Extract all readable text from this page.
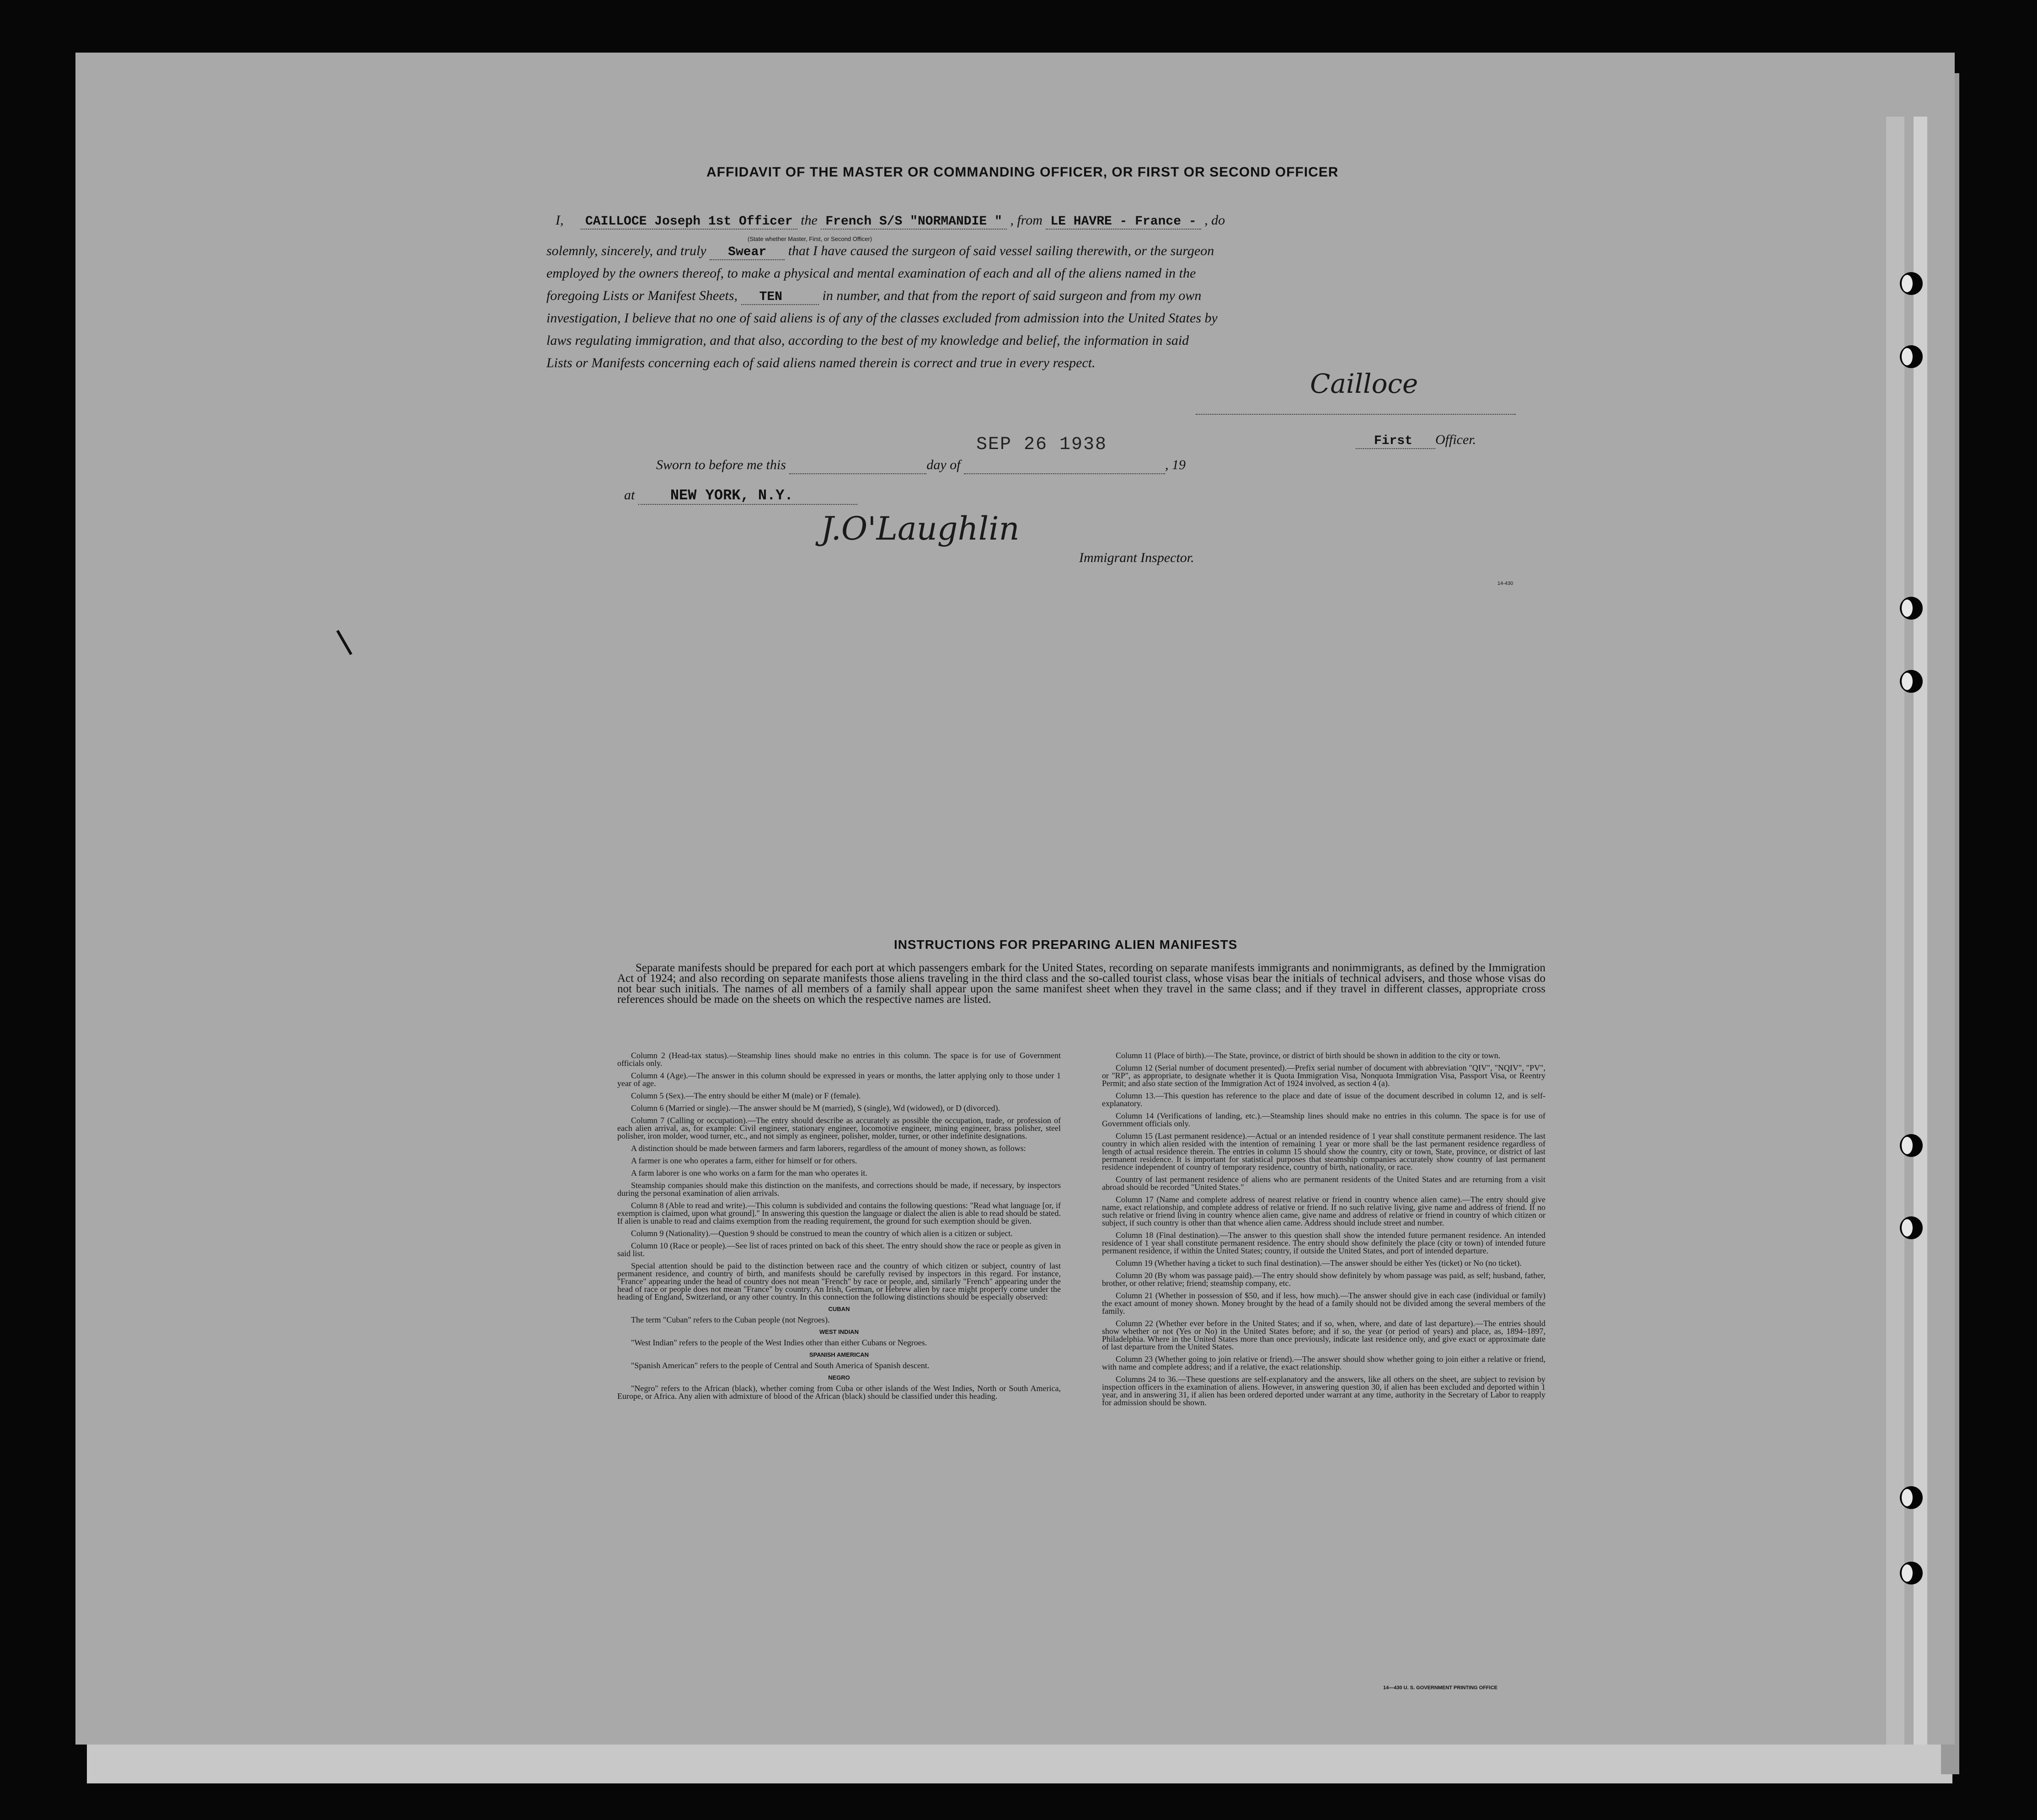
AFFIDAVIT OF THE MASTER OR COMMANDING OFFICER, OR FIRST OR SECOND OFFICER
I, CAILLOCE Joseph 1st Officer the French S/S "NORMANDIE " , from LE HAVRE - France - , do
(State whether Master, First, or Second Officer)
solemnly, sincerely, and truly Swear that I have caused the surgeon of said vessel sailing therewith, or the surgeon
employed by the owners thereof, to make a physical and mental examination of each and all of the aliens named in the
foregoing Lists or Manifest Sheets, TEN	in number, and that from the report of said surgeon and from my own
investigation, I believe that no one of said aliens is of any of the classes excluded from admission into the United States by
laws regulating immigration, and that also, according to the best of my knowledge and belief, the information in said
Lists or Manifests concerning each of said aliens named therein is correct and true in every respect.
Cailloce
First Officer.
Sworn to before me this	day of	, 19
SEP 26 1938
at NEW YORK, N.Y.
J.O'Laughlin
Immigrant Inspector.
14-430
INSTRUCTIONS FOR PREPARING ALIEN MANIFESTS

Separate manifests should be prepared for each port at which passengers embark for the United States, recording on separate manifests immigrants and nonimmigrants, as defined by the Immigration Act of 1924; and also recording on separate manifests those aliens traveling in the third class and the so-called tourist class, whose visas bear the initials of technical advisers, and those whose visas do not bear such initials. The names of all members of a family shall appear upon the same manifest sheet when they travel in the same class; and if they travel in different classes, appropriate cross references should be made on the sheets on which the respective names are listed.

Column 2 (Head-tax status).—Steamship lines should make no entries in this column. The space is for use of Government officials only.

Column 4 (Age).—The answer in this column should be expressed in years or months, the latter applying only to those under 1 year of age.

Column 5 (Sex).—The entry should be either M (male) or F (female).

Column 6 (Married or single).—The answer should be M (married), S (single), Wd (widowed), or D (divorced).

Column 7 (Calling or occupation).—The entry should describe as accurately as possible the occupation, trade, or profession of each alien arrival, as, for example: Civil engineer, stationary engineer, locomotive engineer, mining engineer, brass polisher, steel polisher, iron molder, wood turner, etc., and not simply as engineer, polisher, molder, turner, or other indefinite designations.

A distinction should be made between farmers and farm laborers, regardless of the amount of money shown, as follows:

A farmer is one who operates a farm, either for himself or for others.

A farm laborer is one who works on a farm for the man who operates it.

Steamship companies should make this distinction on the manifests, and corrections should be made, if necessary, by inspectors during the personal examination of alien arrivals.

Column 8 (Able to read and write).—This column is subdivided and contains the following questions: "Read what language [or, if exemption is claimed, upon what ground]." In answering this question the language or dialect the alien is able to read should be stated. If alien is unable to read and claims exemption from the reading requirement, the ground for such exemption should be given.

Column 9 (Nationality).—Question 9 should be construed to mean the country of which alien is a citizen or subject.

Column 10 (Race or people).—See list of races printed on back of this sheet. The entry should show the race or people as given in said list.

Special attention should be paid to the distinction between race and the country of which citizen or subject, country of last permanent residence, and country of birth, and manifests should be carefully revised by inspectors in this regard. For instance, "France" appearing under the head of country does not mean "French" by race or people, and, similarly "French" appearing under the head of race or people does not mean "France" by country. An Irish, German, or Hebrew alien by race might properly come under the heading of England, Switzerland, or any other country. In this connection the following distinctions should be especially observed:

CUBAN

The term "Cuban" refers to the Cuban people (not Negroes).

WEST INDIAN

"West Indian" refers to the people of the West Indies other than either Cubans or Negroes.

SPANISH AMERICAN

"Spanish American" refers to the people of Central and South America of Spanish descent.

NEGRO

"Negro" refers to the African (black), whether coming from Cuba or other islands of the West Indies, North or South America, Europe, or Africa. Any alien with admixture of blood of the African (black) should be classified under this heading.

Column 11 (Place of birth).—The State, province, or district of birth should be shown in addition to the city or town.

Column 12 (Serial number of document presented).—Prefix serial number of document with abbreviation "QIV", "NQIV", "PV", or "RP", as appropriate, to designate whether it is Quota Immigration Visa, Nonquota Immigration Visa, Passport Visa, or Reentry Permit; and also state section of the Immigration Act of 1924 involved, as section 4 (a).

Column 13.—This question has reference to the place and date of issue of the document described in column 12, and is self-explanatory.

Column 14 (Verifications of landing, etc.).—Steamship lines should make no entries in this column. The space is for use of Government officials only.

Column 15 (Last permanent residence).—Actual or an intended residence of 1 year shall constitute permanent residence. The last country in which alien resided with the intention of remaining 1 year or more shall be the last permanent residence regardless of length of actual residence therein. The entries in column 15 should show the country, city or town, State, province, or district of last permanent residence. It is important for statistical purposes that steamship companies accurately show country of last permanent residence independent of country of temporary residence, country of birth, nationality, or race.

Country of last permanent residence of aliens who are permanent residents of the United States and are returning from a visit abroad should be recorded "United States."

Column 17 (Name and complete address of nearest relative or friend in country whence alien came).—The entry should give name, exact relationship, and complete address of relative or friend. If no such relative living, give name and address of friend. If no such relative or friend living in country whence alien came, give name and address of relative or friend in country of which citizen or subject, if such country is other than that whence alien came. Address should include street and number.

Column 18 (Final destination).—The answer to this question shall show the intended future permanent residence. An intended residence of 1 year shall constitute permanent residence. The entry should show definitely the place (city or town) of intended future permanent residence, if within the United States; country, if outside the United States, and port of intended departure.

Column 19 (Whether having a ticket to such final destination).—The answer should be either Yes (ticket) or No (no ticket).

Column 20 (By whom was passage paid).—The entry should show definitely by whom passage was paid, as self; husband, father, brother, or other relative; friend; steamship company, etc.

Column 21 (Whether in possession of $50, and if less, how much).—The answer should give in each case (individual or family) the exact amount of money shown. Money brought by the head of a family should not be divided among the several members of the family.

Column 22 (Whether ever before in the United States; and if so, when, where, and date of last departure).—The entries should show whether or not (Yes or No) in the United States before; and if so, the year (or period of years) and place, as, 1894–1897, Philadelphia. Where in the United States more than once previously, indicate last residence only, and give exact or approximate date of last departure from the United States.

Column 23 (Whether going to join relative or friend).—The answer should show whether going to join either a relative or friend, with name and complete address; and if a relative, the exact relationship.

Columns 24 to 36.—These questions are self-explanatory and the answers, like all others on the sheet, are subject to revision by inspection officers in the examination of aliens. However, in answering question 30, if alien has been excluded and deported within 1 year, and in answering 31, if alien has been ordered deported under warrant at any time, authority in the Secretary of Labor to reapply for admission should be shown.

14—430 U. S. GOVERNMENT PRINTING OFFICE
